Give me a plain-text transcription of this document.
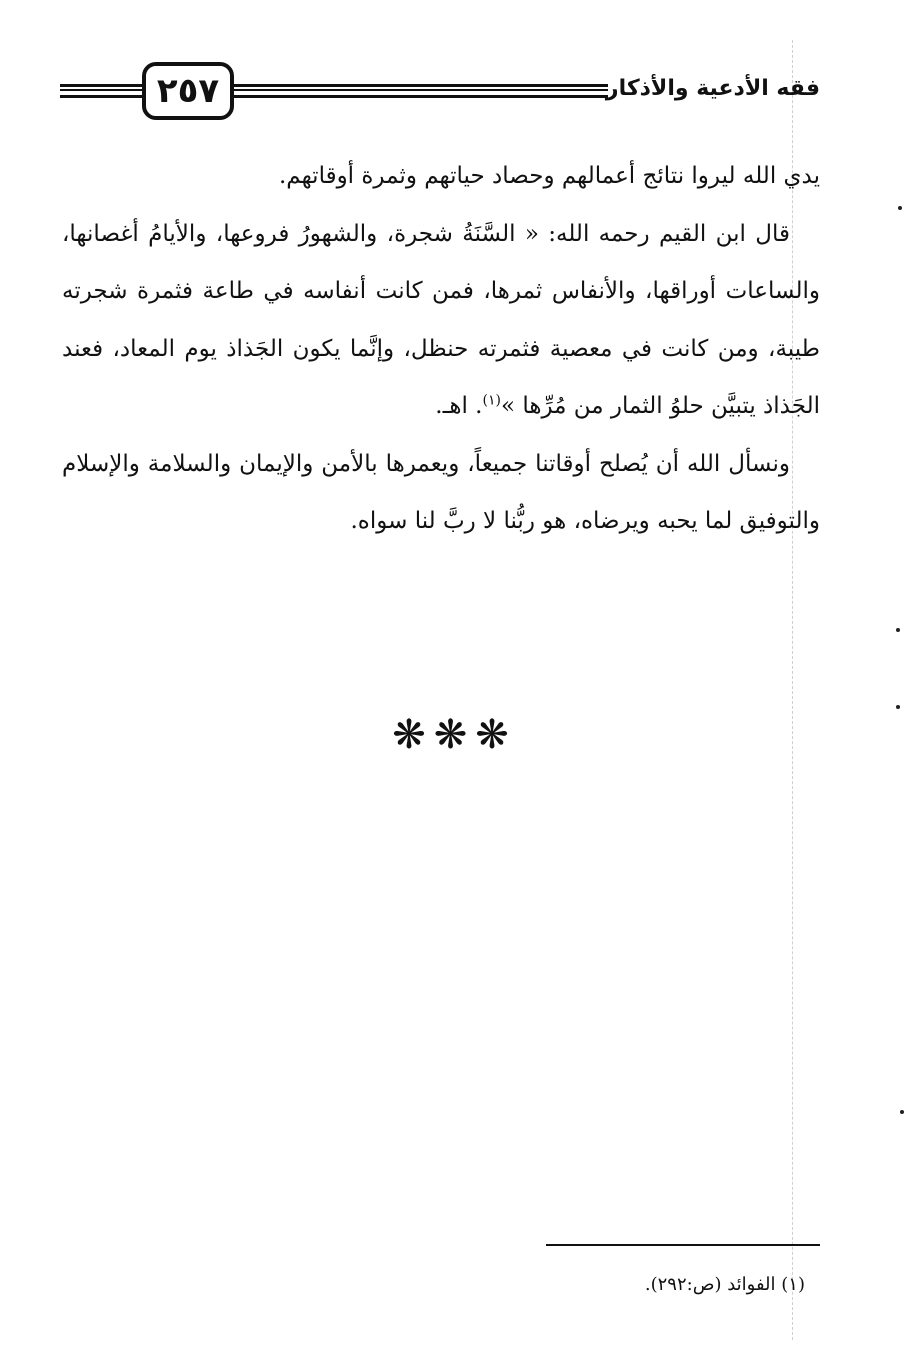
٢٥٧	فقه الأدعية والأذكار

يدي الله ليروا نتائج أعمالهم وحصاد حياتهم وثمرة أوقاتهم.

قال ابن القيم رحمه الله: « السَّنَةُ شجرة، والشهورُ فروعها، والأيامُ أغصانها، والساعات أوراقها، والأنفاس ثمرها، فمن كانت أنفاسه في طاعة فثمرة شجرته طيبة، ومن كانت في معصية فثمرته حنظل، وإنَّما يكون الجَذاذ يوم المعاد، فعند الجَذاذ يتبيَّن حلوُ الثمار من مُرِّها »$^{(١)}$. اهـ.

ونسأل الله أن يُصلح أوقاتنا جميعاً، ويعمرها بالأمن والإيمان والسلامة والإسلام والتوفيق لما يحبه ويرضاه، هو ربُّنا لا ربَّ لنا سواه.

❋❋❋
(١) الفوائد (ص:٢٩٢).
